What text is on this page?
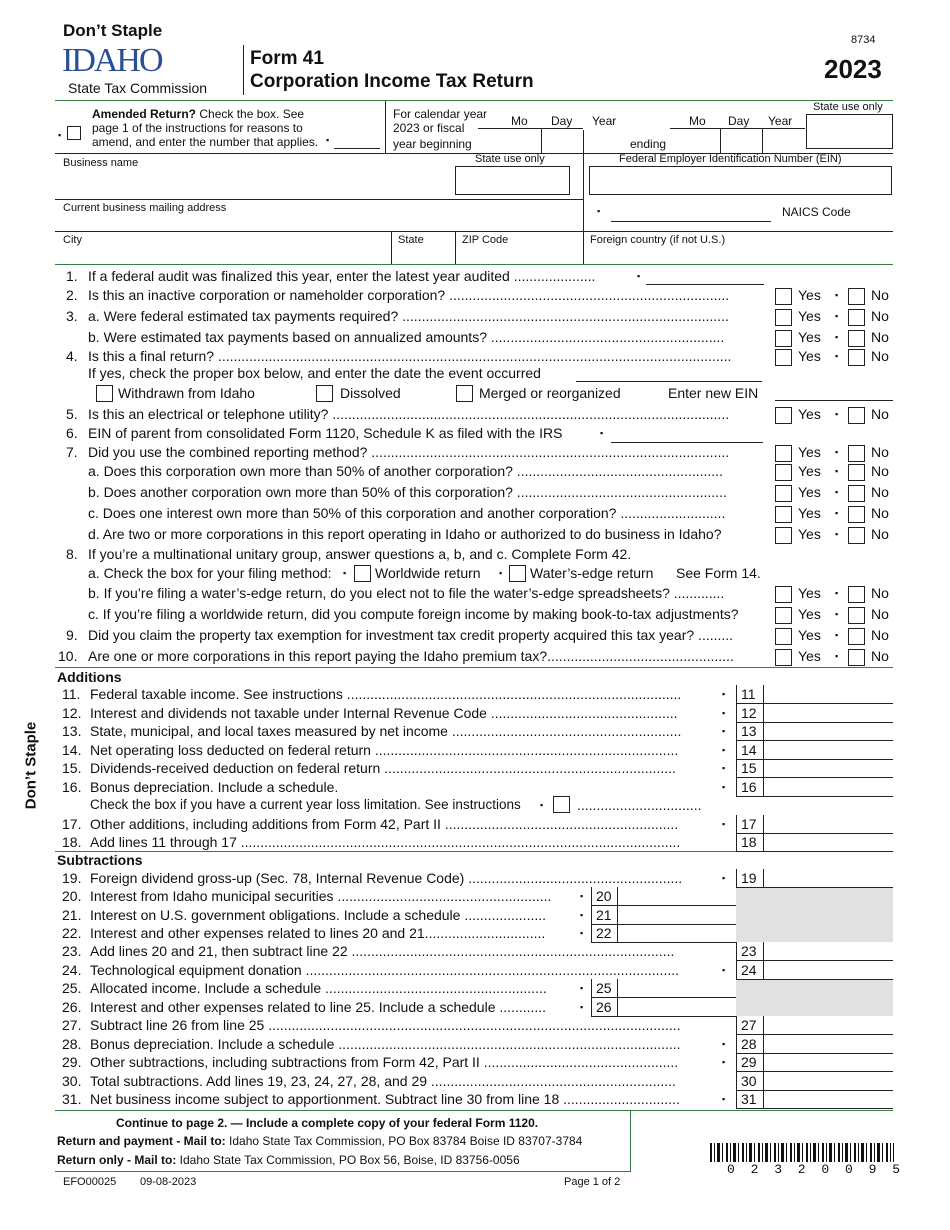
Don’t Staple
IDAHO
State Tax Commission
Form 41
Corporation Income Tax Return
8734
2023
▪
Amended Return? Check the box. See
page 1 of the instructions for reasons to
amend, and enter the number that applies. ▪
For calendar year
2023 or fiscal
year beginning
Mo Day Year
ending
Mo Day Year
State use only
Business name	State use only	Federal Employer Identification Number (EIN)
Current business mailing address	▪	NAICS Code
City	State	ZIP Code	Foreign country (if not U.S.)
1. If a federal audit was finalized this year, enter the latest year audited .....................
2. Is this an inactive corporation or nameholder corporation? ........................................................................	Yes ▪ No
3. a. Were federal estimated tax payments required? ....................................................................................	Yes ▪ No
b. Were estimated tax payments based on annualized amounts? ............................................................	Yes ▪ No
4. Is this a final return? ....................................................................................................................................	Yes ▪ No
If yes, check the proper box below, and enter the date the event occurred
5. Is this an electrical or telephone utility? ......................................................................................................	Yes ▪ No
6. EIN of parent from consolidated Form 1120, Schedule K as filed with the IRS
7. Did you use the combined reporting method? ............................................................................................	Yes ▪ No
a. Does this corporation own more than 50% of another corporation? .....................................................	Yes ▪ No
b. Does another corporation own more than 50% of this corporation? ......................................................	Yes ▪ No
c. Does one interest own more than 50% of this corporation and another corporation? ...........................	Yes ▪ No
d. Are two or more corporations in this report operating in Idaho or authorized to do business in Idaho?	Yes ▪ No
8. If you’re a multinational unitary group, answer questions a, b, and c. Complete Form 42.
a. Check the box for your filing method:
b. If you’re filing a water’s-edge return, do you elect not to file the water’s-edge spreadsheets? .............	Yes ▪ No
c. If you’re filing a worldwide return, did you compute foreign income by making book-to-tax adjustments?	Yes ▪ No
9. Did you claim the property tax exemption for investment tax credit property acquired this tax year? .........	Yes ▪ No
10. Are one or more corporations in this report paying the Idaho premium tax?................................................	Yes ▪ No
▪
Withdrawn from Idaho	Dissolved	Merged or reorganized	Enter new EIN
▪
▪ Worldwide return ▪ Water’s-edge return See Form 14.
Additions
Subtractions
11. Federal taxable income. See instructions ......................................................................................	▪ 11
12. Interest and dividends not taxable under Internal Revenue Code ................................................	▪ 12
13. State, municipal, and local taxes measured by net income ...........................................................	▪ 13
14. Net operating loss deducted on federal return ..............................................................................	▪ 14
15. Dividends-received deduction on federal return ...........................................................................	▪ 15
16. Bonus depreciation. Include a schedule.	▪ 16
17. Other additions, including additions from Form 42, Part II ............................................................	▪ 17
18. Add lines 11 through 17 .................................................................................................................	18
Check the box if you have a current year loss limitation. See instructions ▪ ................................
19. Foreign dividend gross-up (Sec. 78, Internal Revenue Code) .......................................................	▪ 19
20. Interest from Idaho municipal securities .......................................................	▪ 20
21. Interest on U.S. government obligations. Include a schedule .....................	▪ 21
22. Interest and other expenses related to lines 20 and 21...............................	▪ 22
23. Add lines 20 and 21, then subtract line 22 ...................................................................................	23
24. Technological equipment donation ................................................................................................	▪ 24
25. Allocated income. Include a schedule .........................................................	▪ 25
26. Interest and other expenses related to line 25. Include a schedule ............	▪ 26
27. Subtract line 26 from line 25 ..........................................................................................................	27
28. Bonus depreciation. Include a schedule ........................................................................................	▪ 28
29. Other subtractions, including subtractions from Form 42, Part II ..................................................	▪ 29
30. Total subtractions. Add lines 19, 23, 24, 27, 28, and 29 ...............................................................	30
31. Net business income subject to apportionment. Subtract line 30 from line 18 ..............................	▪ 31
Don’t Staple
Continue to page 2. — Include a complete copy of your federal Form 1120.
Return and payment - Mail to: Idaho State Tax Commission, PO Box 83784 Boise ID 83707-3784
Return only - Mail to: Idaho State Tax Commission, PO Box 56, Boise, ID 83756-0056
EFO00025 09-08-2023	Page 1 of 2
0 2 3 2 0 0 9 5
